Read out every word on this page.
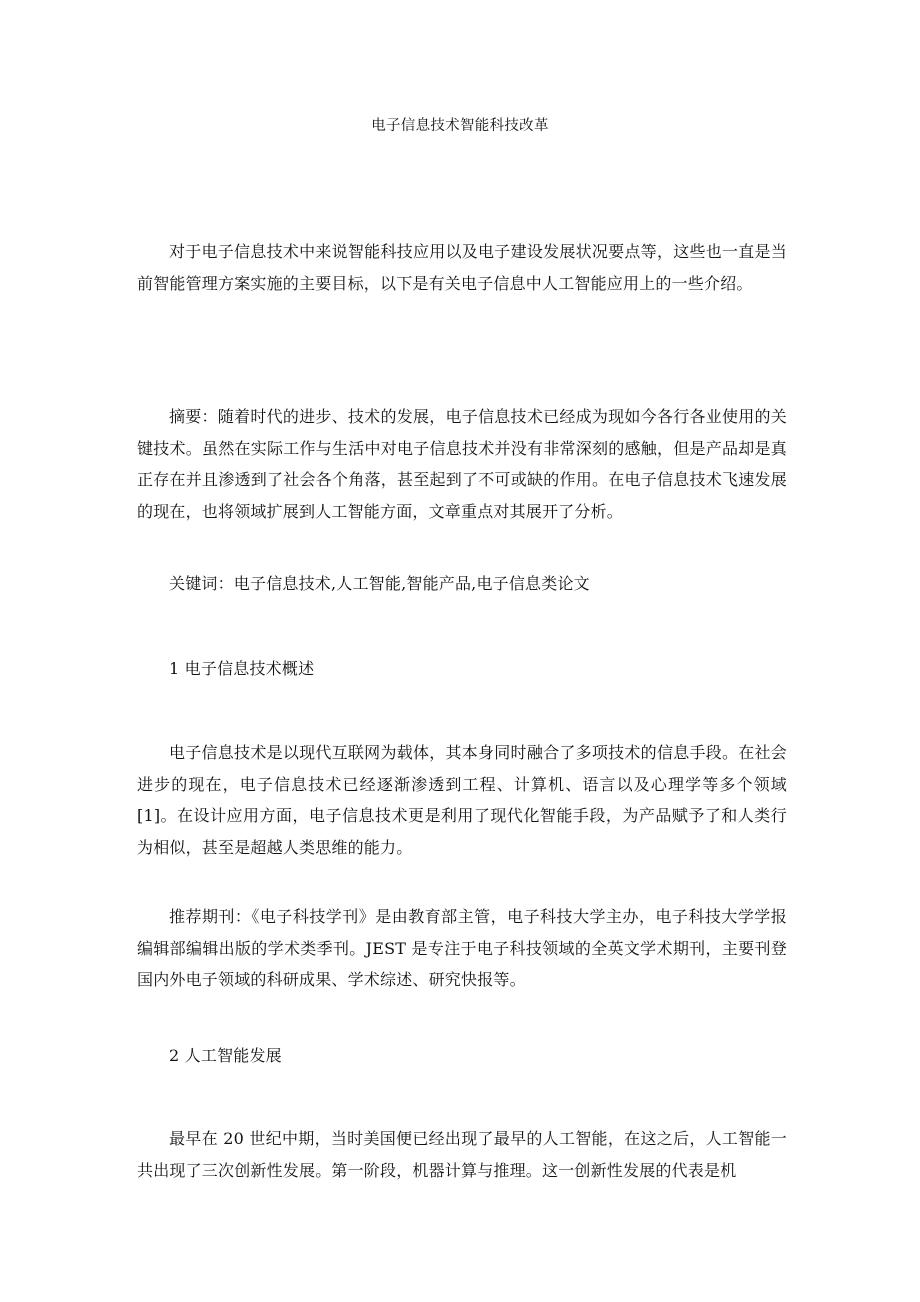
电子信息技术智能科技改革

对于电子信息技术中来说智能科技应用以及电子建设发展状况要点等，这些也一直是当前智能管理方案实施的主要目标，以下是有关电子信息中人工智能应用上的一些介绍。

摘要：随着时代的进步、技术的发展，电子信息技术已经成为现如今各行各业使用的关键技术。虽然在实际工作与生活中对电子信息技术并没有非常深刻的感触，但是产品却是真正存在并且渗透到了社会各个角落，甚至起到了不可或缺的作用。在电子信息技术飞速发展的现在，也将领域扩展到人工智能方面，文章重点对其展开了分析。

关键词：电子信息技术,人工智能,智能产品,电子信息类论文

1 电子信息技术概述

电子信息技术是以现代互联网为载体，其本身同时融合了多项技术的信息手段。在社会进步的现在，电子信息技术已经逐渐渗透到工程、计算机、语言以及心理学等多个领域[1]。在设计应用方面，电子信息技术更是利用了现代化智能手段，为产品赋予了和人类行为相似，甚至是超越人类思维的能力。

推荐期刊：《电子科技学刊》是由教育部主管，电子科技大学主办，电子科技大学学报编辑部编辑出版的学术类季刊。JEST 是专注于电子科技领域的全英文学术期刊，主要刊登国内外电子领域的科研成果、学术综述、研究快报等。

2 人工智能发展

最早在 20 世纪中期，当时美国便已经出现了最早的人工智能，在这之后，人工智能一共出现了三次创新性发展。第一阶段，机器计算与推理。这一创新性发展的代表是机
